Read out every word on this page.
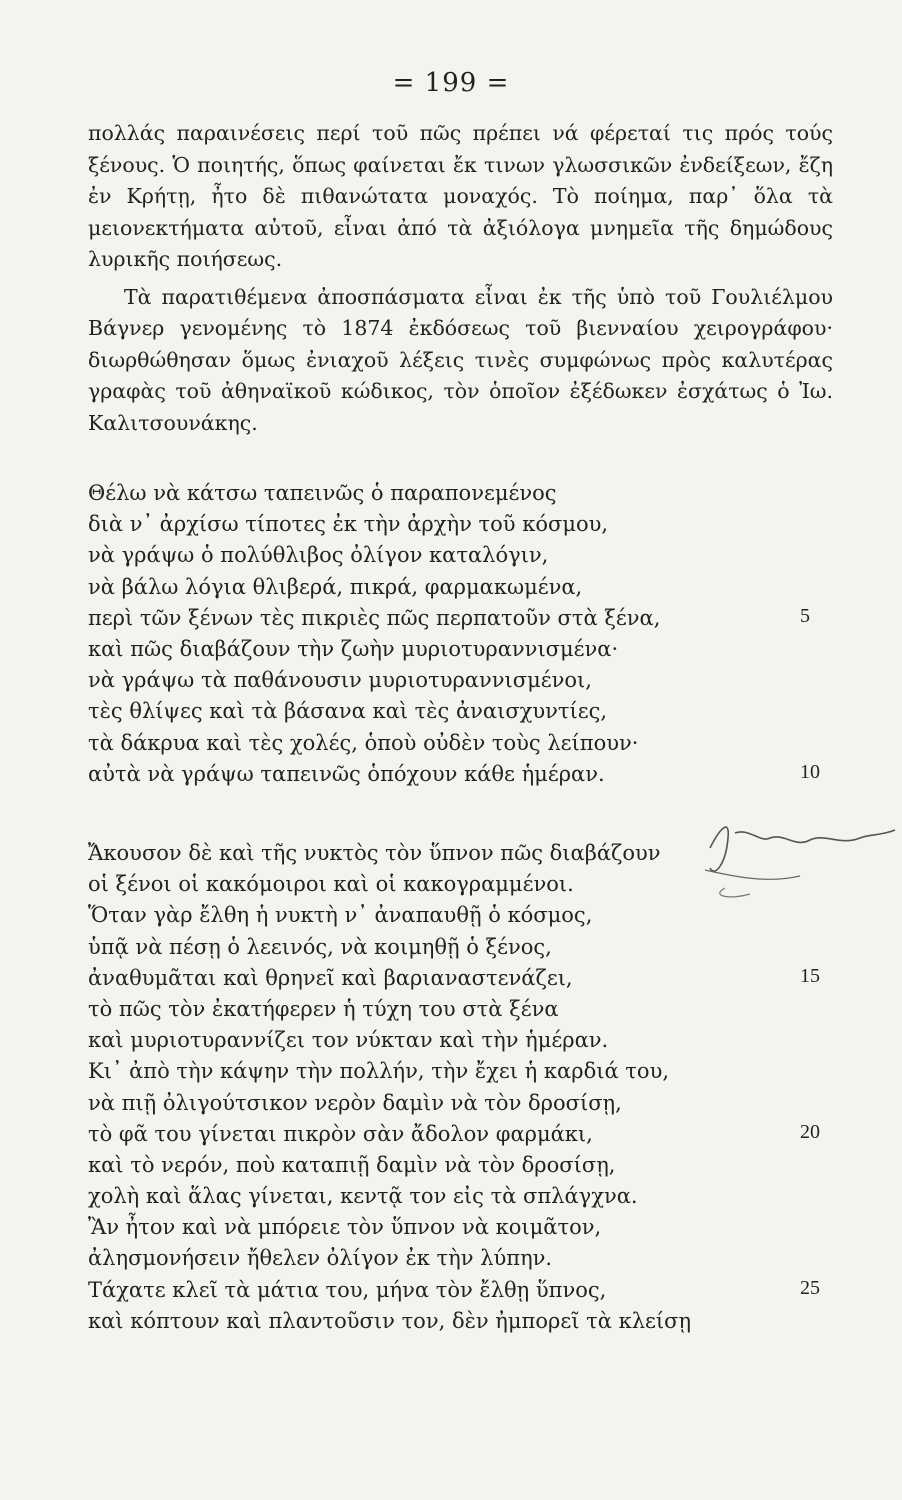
= 199 =

πολλάς παραινέσεις περί τοῦ πῶς πρέπει νά φέρεταί τις πρός τούς ξένους. Ὁ ποιητής, ὅπως φαίνεται ἔκ τινων γλωσσικῶν ἐνδείξεων, ἔζη ἐν Κρήτῃ, ἦτο δὲ πιθανώτατα μοναχός. Τὸ ποίημα, παρ᾽ ὅλα τὰ μειονεκτήματα αὐτοῦ, εἶναι ἀπό τὰ ἀξιόλογα μνημεῖα τῆς δημώδους λυρικῆς ποιήσεως.

Τὰ παρατιθέμενα ἀποσπάσματα εἶναι ἐκ τῆς ὑπὸ τοῦ Γουλιέλμου Βάγνερ γενομένης τὸ 1874 ἐκδόσεως τοῦ βιενναίου χειρογράφου· διωρθώθησαν ὅμως ἐνιαχοῦ λέξεις τινὲς συμφώνως πρὸς καλυτέρας γραφὰς τοῦ ἀθηναϊκοῦ κώδικος, τὸν ὁποῖον ἐξέδωκεν ἐσχάτως ὁ Ἰω. Καλιτσουνάκης.

Θέλω νὰ κάτσω ταπεινῶς ὁ παραπονεμένος
διὰ ν᾽ ἀρχίσω τίποτες ἐκ τὴν ἀρχὴν τοῦ κόσμου,
νὰ γράψω ὁ πολύθλιβος ὀλίγον καταλόγιν,
νὰ βάλω λόγια θλιβερά, πικρά, φαρμακωμένα,
περὶ τῶν ξένων τὲς πικριὲς πῶς περπατοῦν στὰ ξένα,	5
καὶ πῶς διαβάζουν τὴν ζωὴν μυριοτυραννισμένα·
νὰ γράψω τὰ παθάνουσιν μυριοτυραννισμένοι,
τὲς θλίψες καὶ τὰ βάσανα καὶ τὲς ἀναισχυντίες,
τὰ δάκρυα καὶ τὲς χολές, ὁποὺ οὐδὲν τοὺς λείπουν·
αὐτὰ νὰ γράψω ταπεινῶς ὁπόχουν κάθε ἡμέραν.	10
Ἄκουσον δὲ καὶ τῆς νυκτὸς τὸν ὕπνον πῶς διαβάζουν
οἱ ξένοι οἱ κακόμοιροι καὶ οἱ κακογραμμένοι.
Ὅταν γὰρ ἔλθη ἡ νυκτὴ ν᾽ ἀναπαυθῇ ὁ κόσμος,
ὑπᾷ νὰ πέσῃ ὁ λεεινός, νὰ κοιμηθῇ ὁ ξένος,
ἀναθυμᾶται καὶ θρηνεῖ καὶ βαριαναστενάζει,	15
τὸ πῶς τὸν ἐκατήφερεν ἡ τύχη του στὰ ξένα
καὶ μυριοτυραννίζει τον νύκταν καὶ τὴν ἡμέραν.
Κι᾽ ἀπὸ τὴν κάψην τὴν πολλήν, τὴν ἔχει ἡ καρδιά του,
νὰ πιῇ ὀλιγούτσικον νερὸν δαμὶν νὰ τὸν δροσίσῃ,
τὸ φᾶ του γίνεται πικρὸν σὰν ἄδολον φαρμάκι,	20
καὶ τὸ νερόν, ποὺ καταπιῇ δαμὶν νὰ τὸν δροσίσῃ,
χολὴ καὶ ἅλας γίνεται, κεντᾷ τον εἰς τὰ σπλάγχνα.
Ἂν ἦτον καὶ νὰ μπόρειε τὸν ὕπνον νὰ κοιμᾶτον,
ἀλησμονήσειν ἤθελεν ὀλίγον ἐκ τὴν λύπην.
Τάχατε κλεῖ τὰ μάτια του, μήνα τὸν ἔλθῃ ὕπνος,	25
καὶ κόπτουν καὶ πλαντοῦσιν τον, δὲν ἠμπορεῖ τὰ κλείσῃ
